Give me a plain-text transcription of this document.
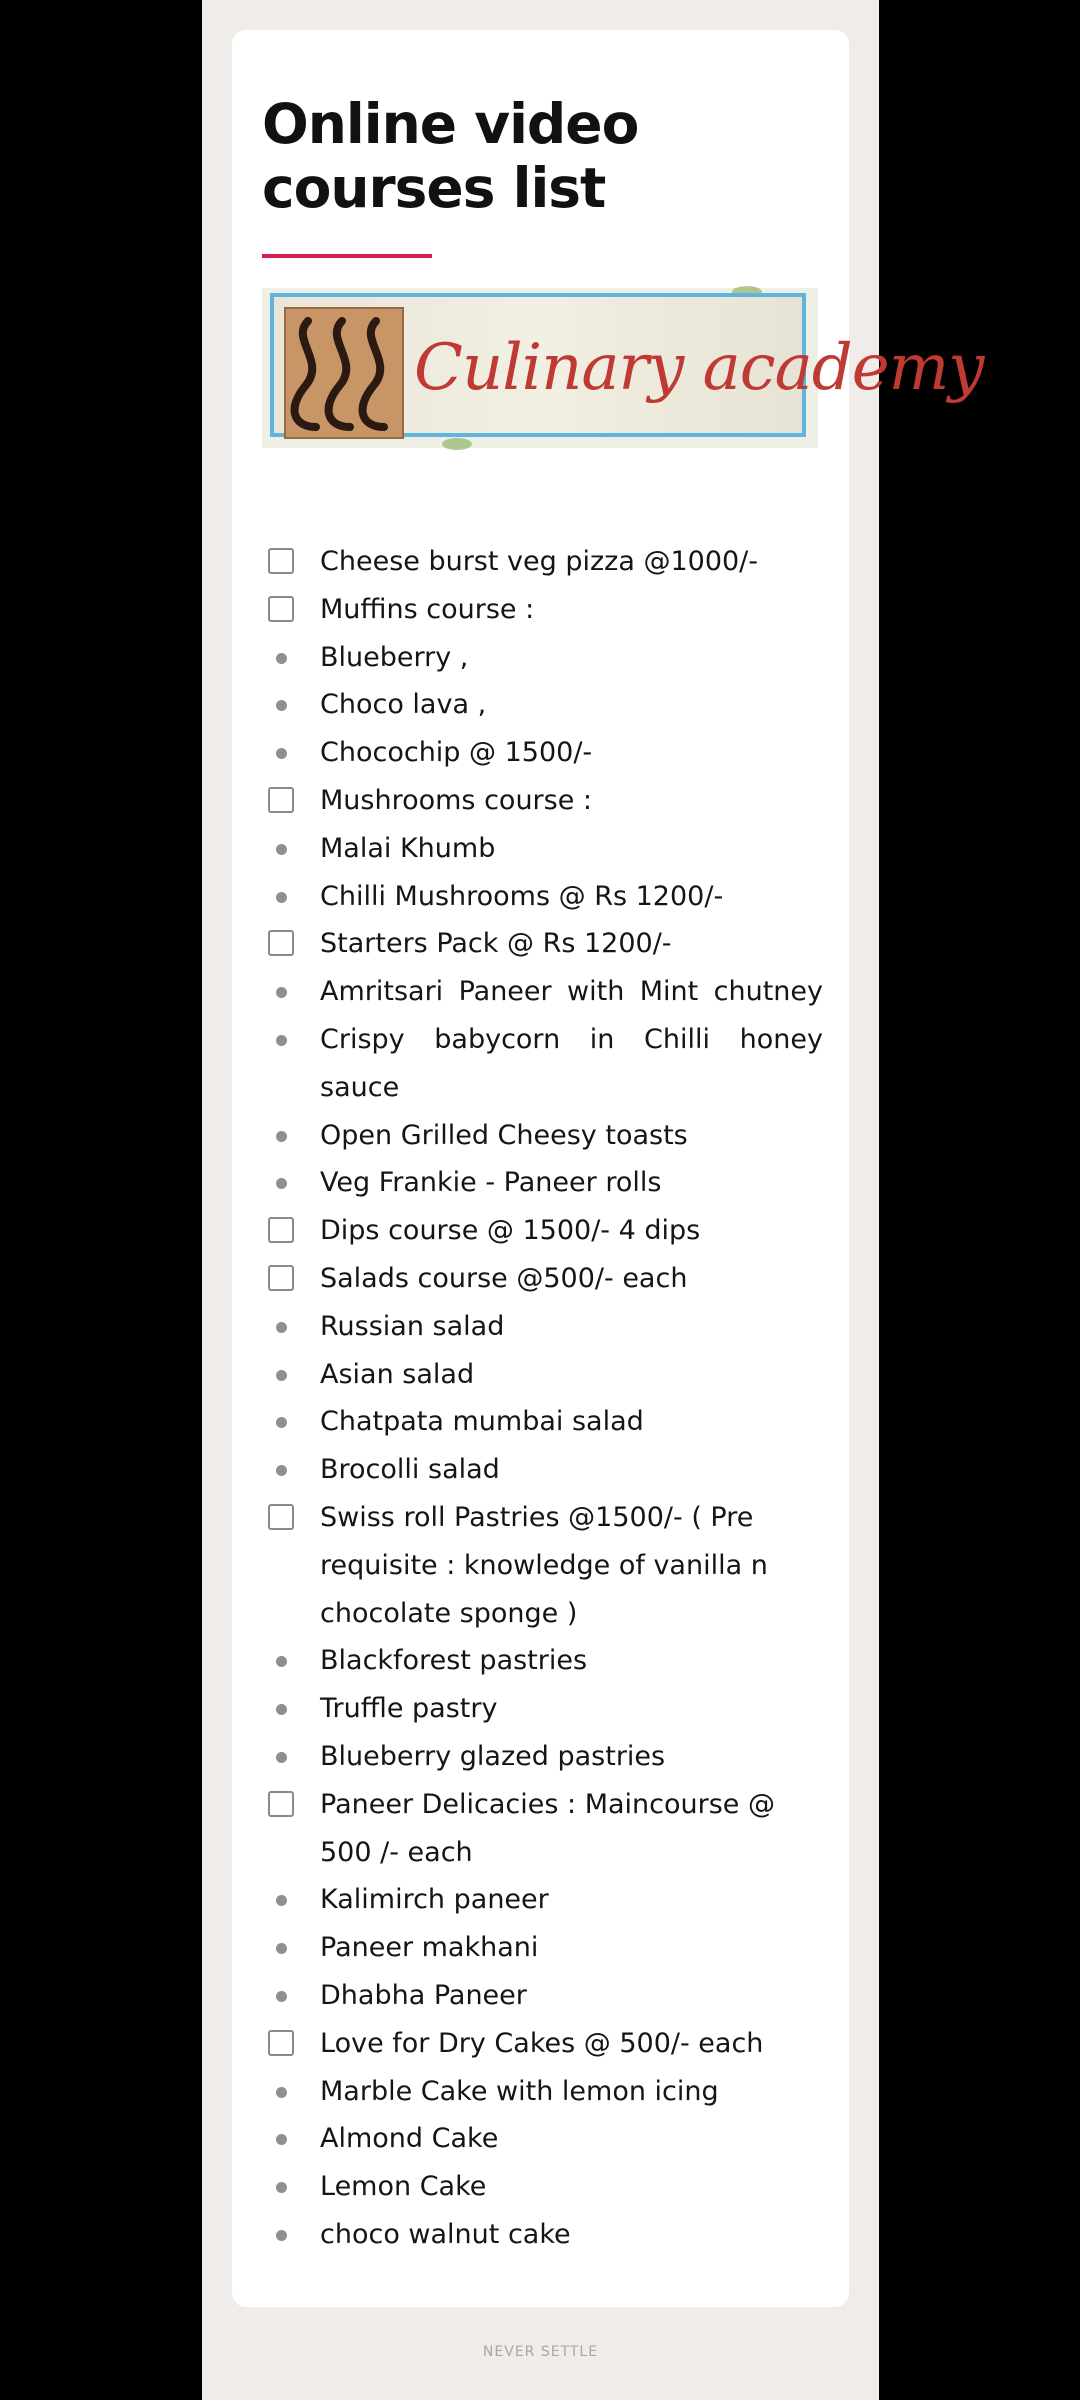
Online video courses list
Culinary academy
Cheese burst veg pizza @1000/-
Muffins course :
Blueberry ,
Choco lava ,
Chocochip @ 1500/-
Mushrooms course :
Malai Khumb
Chilli Mushrooms @ Rs 1200/-
Starters Pack @ Rs 1200/-
Amritsari Paneer with Mint chutney
Crispy babycorn in Chilli honey sauce
Open Grilled Cheesy toasts
Veg Frankie - Paneer rolls
Dips course @ 1500/- 4 dips
Salads course @500/- each
Russian salad
Asian salad
Chatpata mumbai salad
Brocolli salad
Swiss roll Pastries @1500/- ( Pre requisite : knowledge of vanilla n chocolate sponge )
Blackforest pastries
Truffle pastry
Blueberry glazed pastries
Paneer Delicacies : Maincourse @ 500 /- each
Kalimirch paneer
Paneer makhani
Dhabha Paneer
Love for Dry Cakes @ 500/- each
Marble Cake with lemon icing
Almond Cake
Lemon Cake
choco walnut cake
NEVER SETTLE
